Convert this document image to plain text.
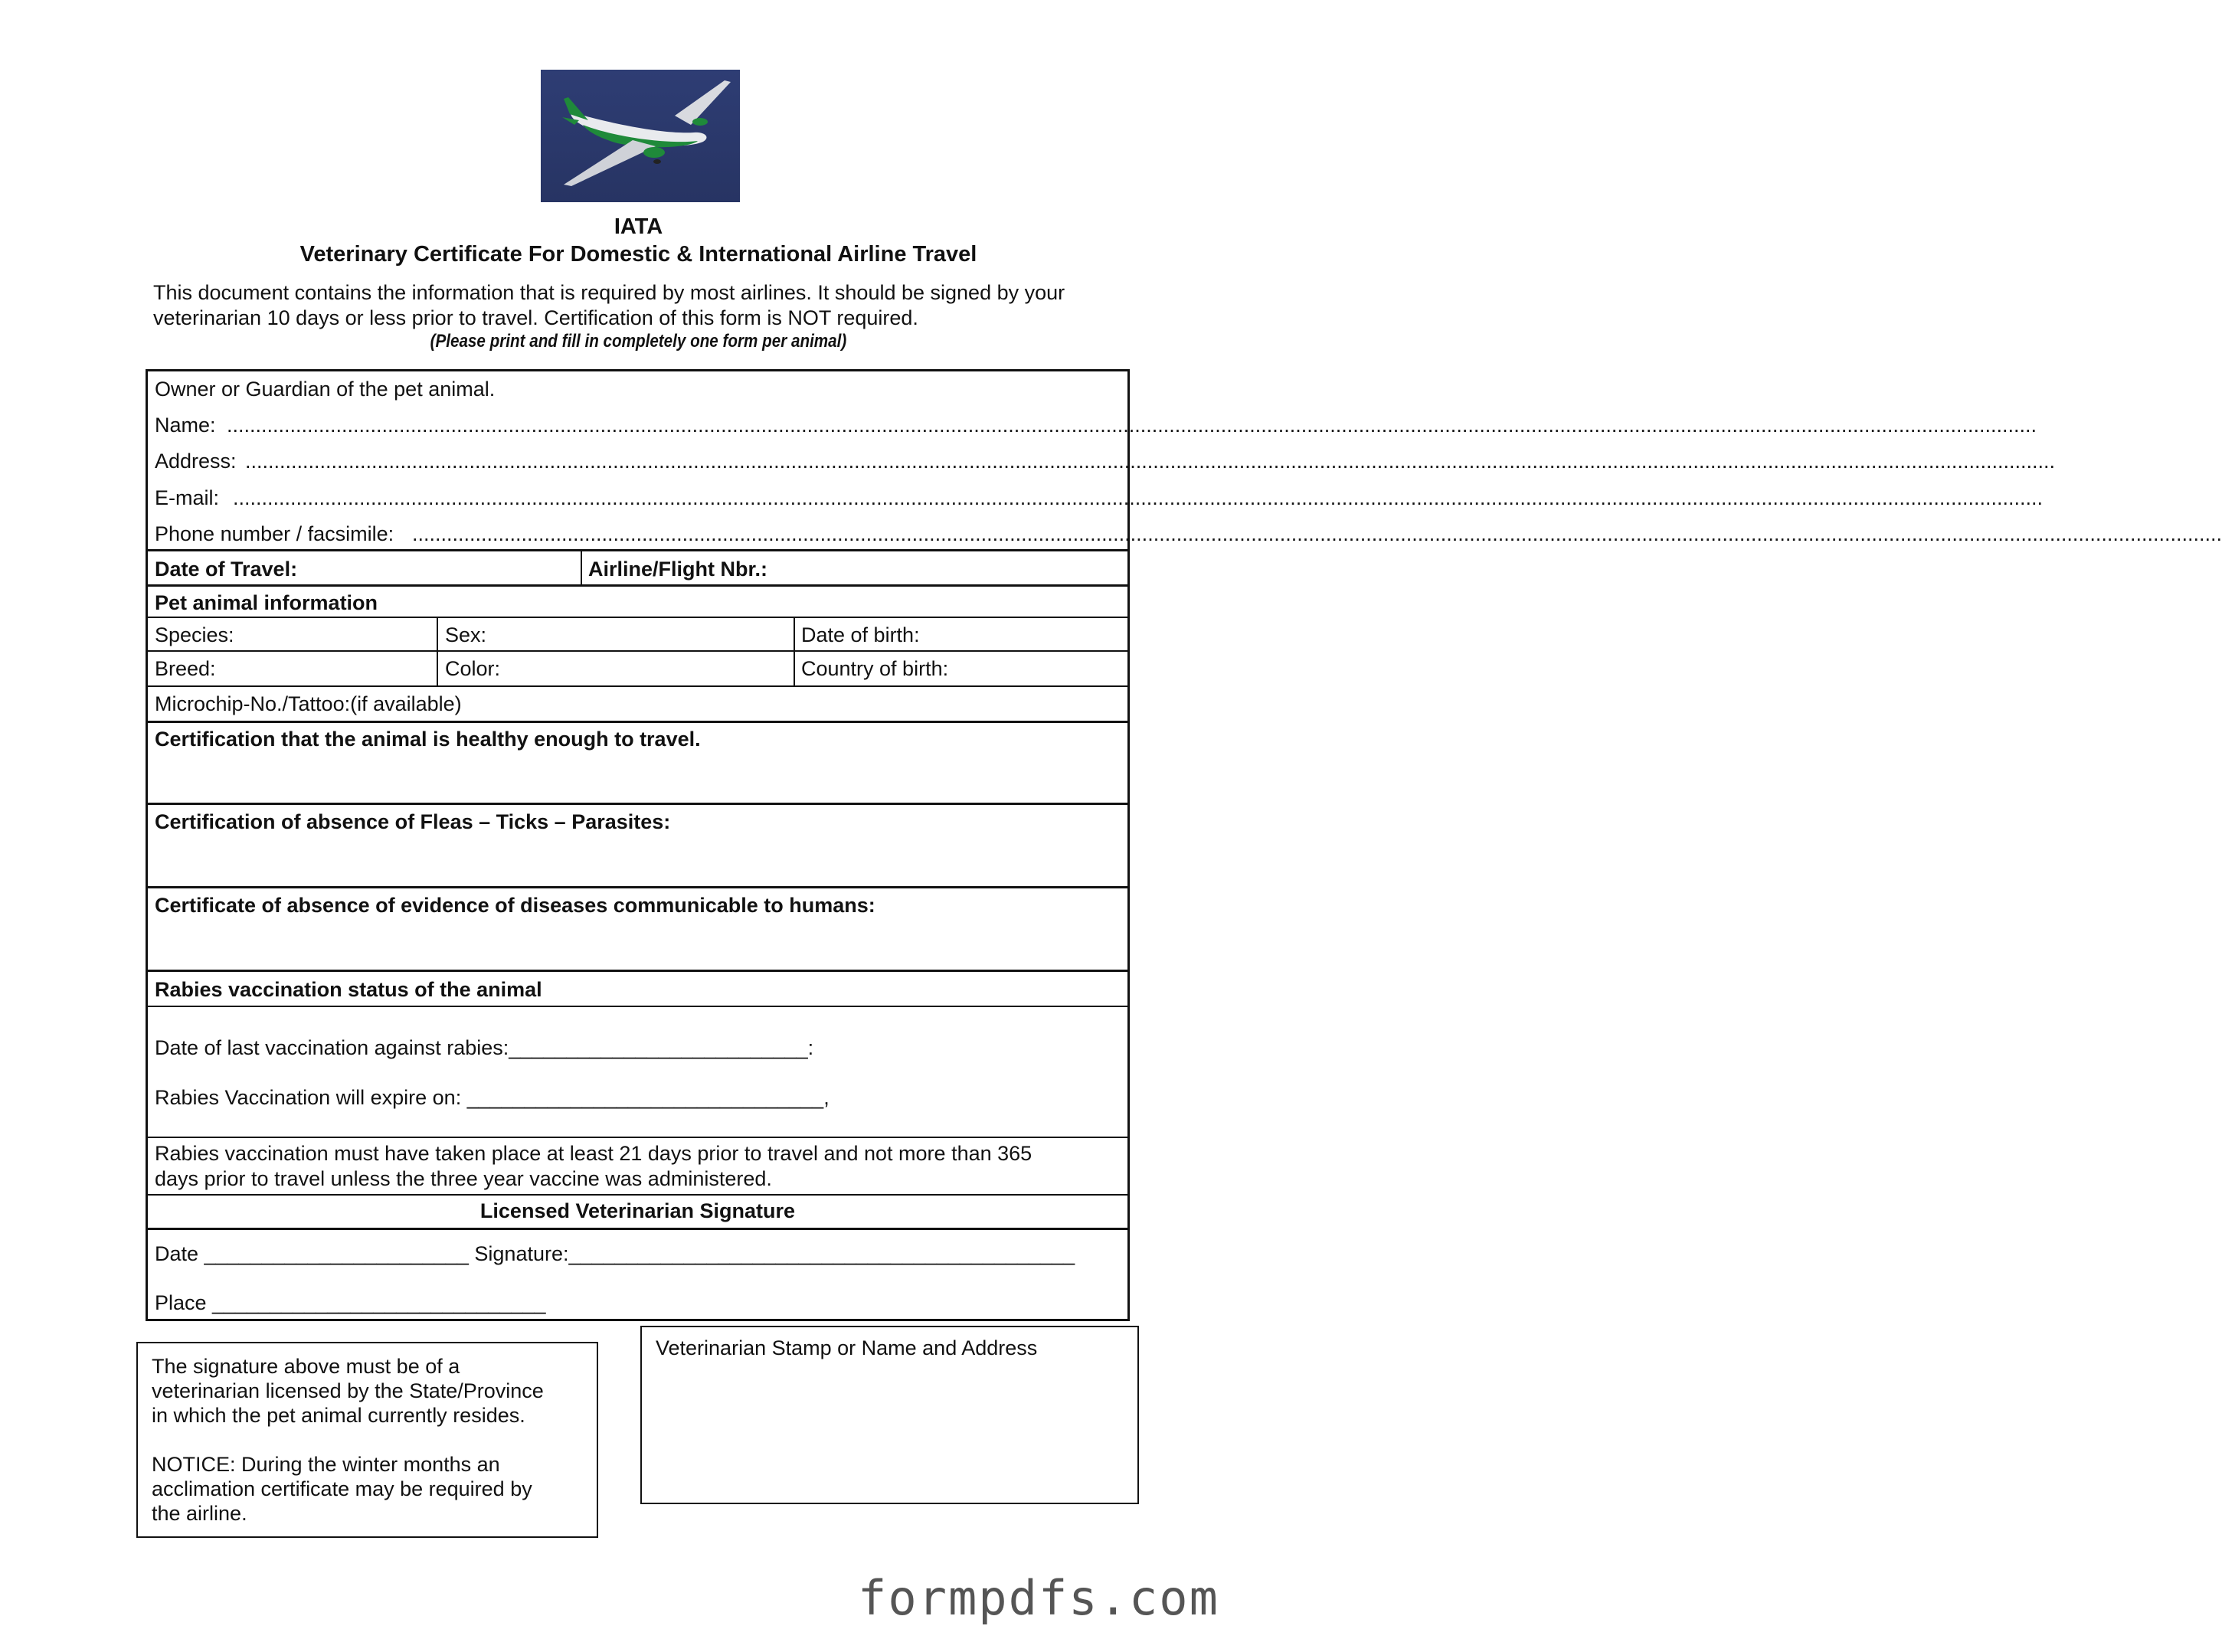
IATA
Veterinary Certificate For Domestic & International Airline Travel
This document contains the information that is required by most airlines. It should be signed by your
veterinarian 10 days or less prior to travel. Certification of this form is NOT required.
(Please print and fill in completely one form per animal)
Owner or Guardian of the pet animal.
Name: ...........................................................................................................................................................................................................................................................................................................................
Address: ...........................................................................................................................................................................................................................................................................................................................
E-mail: ...........................................................................................................................................................................................................................................................................................................................
Phone number / facsimile: ...........................................................................................................................................................................................................................................................................................................................
Date of Travel:	Airline/Flight Nbr.:
Pet animal information
Species:	Sex:	Date of birth:
Breed:	Color:	Country of birth:
Microchip-No./Tattoo:(if available)
Certification that the animal is healthy enough to travel.
Certification of absence of Fleas – Ticks – Parasites:
Certificate of absence of evidence of diseases communicable to humans:
Rabies vaccination status of the animal
Date of last vaccination against rabies:__________________________:
Rabies Vaccination will expire on: _______________________________,
Rabies vaccination must have taken place at least 21 days prior to travel and not more than 365
days prior to travel unless the three year vaccine was administered.
Licensed Veterinarian Signature
Date _______________________ Signature:____________________________________________
Place _____________________________
The signature above must be of a
veterinarian licensed by the State/Province
in which the pet animal currently resides.
NOTICE: During the winter months an
acclimation certificate may be required by
the airline.
Veterinarian Stamp or Name and Address
formpdfs.com
